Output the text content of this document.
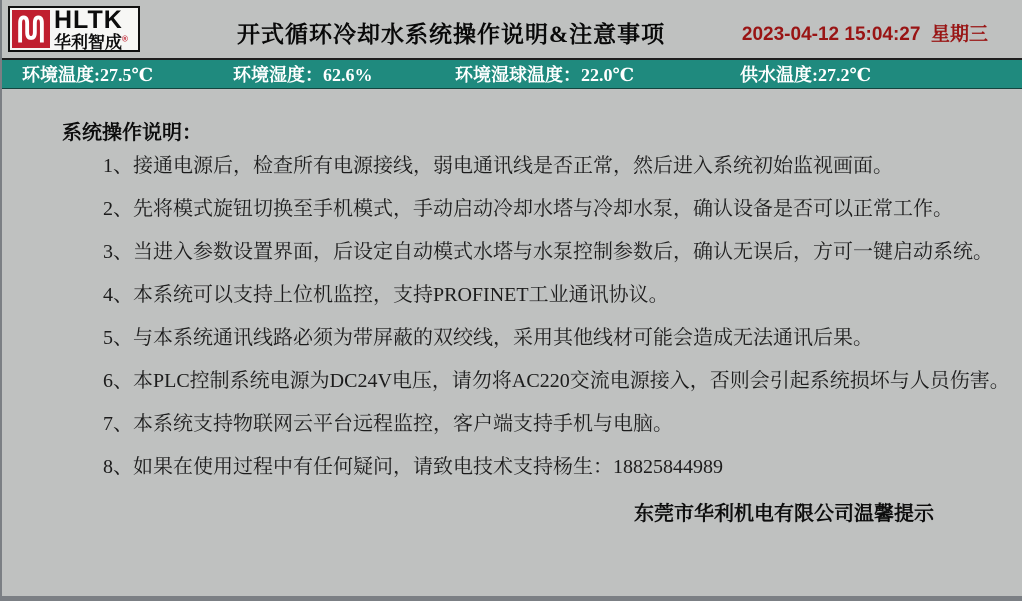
HLTK
华利智成®	开式循环冷却水系统操作说明&注意事项	2023-04-12 15:04:27  星期三
环境温度:27.5℃	环境湿度：62.6%	环境湿球温度：22.0℃	供水温度:27.2℃
系统操作说明：
1、接通电源后，检查所有电源接线，弱电通讯线是否正常，然后进入系统初始监视画面。
2、先将模式旋钮切换至手机模式，手动启动冷却水塔与冷却水泵，确认设备是否可以正常工作。
3、当进入参数设置界面，后设定自动模式水塔与水泵控制参数后，确认无误后，方可一键启动系统。
4、本系统可以支持上位机监控，支持PROFINET工业通讯协议。
5、与本系统通讯线路必须为带屏蔽的双绞线，采用其他线材可能会造成无法通讯后果。
6、本PLC控制系统电源为DC24V电压，请勿将AC220交流电源接入，否则会引起系统损坏与人员伤害。
7、本系统支持物联网云平台远程监控，客户端支持手机与电脑。
8、如果在使用过程中有任何疑问，请致电技术支持杨生：18825844989
东莞市华利机电有限公司温馨提示
